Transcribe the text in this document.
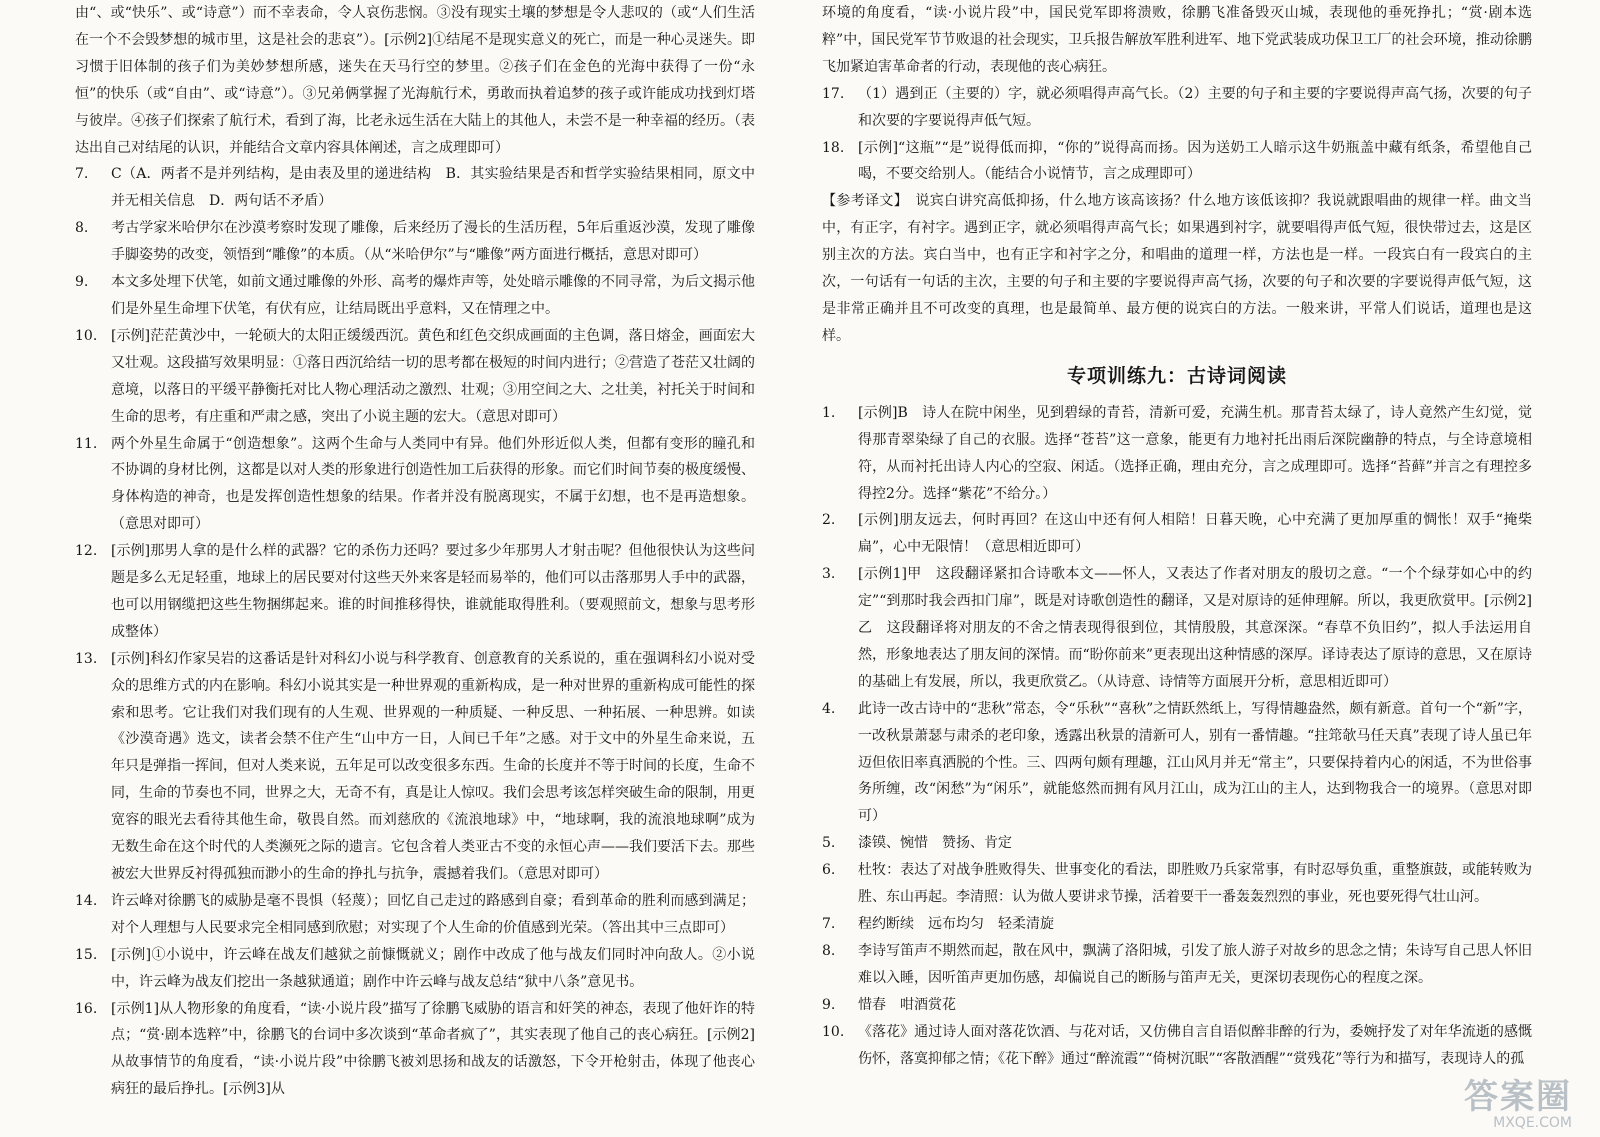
由“、或“快乐”、或“诗意”）而不幸表命，令人哀伤悲悯。③没有现实土壤的梦想是令人悲叹的（或“人们生活在一个不会毁梦想的城市里，这是社会的悲哀”）。[示例2]①结尾不是现实意义的死亡，而是一种心灵迷失。即习惯于旧体制的孩子们为美妙梦想所感，迷失在天马行空的梦里。②孩子们在金色的光海中获得了一份“永恒”的快乐（或“自由”、或“诗意”）。③兄弟俩掌握了光海航行术，勇敢而执着追梦的孩子或许能成功找到灯塔与彼岸。④孩子们探索了航行术，看到了海，比老永远生活在大陆上的其他人，未尝不是一种幸福的经历。（表达出自己对结尾的认识，并能结合文章内容具体阐述，言之成理即可）
7.	C（A．两者不是并列结构，是由表及里的递进结构　B．其实验结果是否和哲学实验结果相同，原文中并无相关信息　D．两句话不矛盾）
8.	考古学家米哈伊尔在沙漠考察时发现了雕像，后来经历了漫长的生活历程，5年后重返沙漠，发现了雕像手脚姿势的改变，领悟到“雕像”的本质。（从“米哈伊尔”与“雕像”两方面进行概括，意思对即可）
9.	本文多处埋下伏笔，如前文通过雕像的外形、高考的爆炸声等，处处暗示雕像的不同寻常，为后文揭示他们是外星生命埋下伏笔，有伏有应，让结局既出乎意料，又在情理之中。
10. [示例]茫茫黄沙中，一轮硕大的太阳正缓缓西沉。黄色和红色交织成画面的主色调，落日熔金，画面宏大又壮观。这段描写效果明显：①落日西沉给结一切的思考都在极短的时间内进行；②营造了苍茫又壮阔的意境，以落日的平缓平静衡托对比人物心理活动之激烈、壮观；③用空间之大、之壮美，衬托关于时间和生命的思考，有庄重和严肃之感，突出了小说主题的宏大。（意思对即可）
11. 两个外星生命属于“创造想象”。这两个生命与人类同中有异。他们外形近似人类，但都有变形的瞳孔和不协调的身材比例，这都是以对人类的形象进行创造性加工后获得的形象。而它们时间节奏的极度缓慢、身体构造的神奇，也是发挥创造性想象的结果。作者并没有脱离现实，不属于幻想，也不是再造想象。（意思对即可）
12. [示例]那男人拿的是什么样的武器？它的杀伤力还吗？要过多少年那男人才射击呢？但他很快认为这些问题是多么无足轻重，地球上的居民要对付这些天外来客是轻而易举的，他们可以击落那男人手中的武器，也可以用钢缆把这些生物捆绑起来。谁的时间推移得快，谁就能取得胜利。（要观照前文，想象与思考形成整体）
13. [示例]科幻作家吴岩的这番话是针对科幻小说与科学教育、创意教育的关系说的，重在强调科幻小说对受众的思维方式的内在影响。科幻小说其实是一种世界观的重新构成，是一种对世界的重新构成可能性的探索和思考。它让我们对我们现有的人生观、世界观的一种质疑、一种反思、一种拓展、一种思辨。如读《沙漠奇遇》选文，读者会禁不住产生“山中方一日，人间已千年”之感。对于文中的外星生命来说，五年只是弹指一挥间，但对人类来说，五年足可以改变很多东西。生命的长度并不等于时间的长度，生命不同，生命的节奏也不同，世界之大，无奇不有，真是让人惊叹。我们会思考该怎样突破生命的限制，用更宽容的眼光去看待其他生命，敬畏自然。而刘慈欣的《流浪地球》中，“地球啊，我的流浪地球啊”成为无数生命在这个时代的人类濒死之际的遗言。它包含着人类亚古不变的永恒心声——我们要活下去。那些被宏大世界反衬得孤独而渺小的生命的挣扎与抗争，震撼着我们。（意思对即可）
14. 许云峰对徐鹏飞的威胁是毫不畏惧（轻蔑）；回忆自己走过的路感到自豪；看到革命的胜利而感到满足；对个人理想与人民要求完全相同感到欣慰；对实现了个人生命的价值感到光荣。（答出其中三点即可）
15. [示例]①小说中，许云峰在战友们越狱之前慷慨就义；剧作中改成了他与战友们同时冲向敌人。②小说中，许云峰为战友们挖出一条越狱通道；剧作中许云峰与战友总结“狱中八条”意见书。
16. [示例1]从人物形象的角度看，“读·小说片段”描写了徐鹏飞威胁的语言和奸笑的神态，表现了他奸诈的特点；“赏·剧本选粹”中，徐鹏飞的台词中多次谈到“革命者疯了”，其实表现了他自己的丧心病狂。[示例2]从故事情节的角度看，“读·小说片段”中徐鹏飞被刘思扬和战友的话激怒，下令开枪射击，体现了他丧心病狂的最后挣扎。[示例3]从
环境的角度看，“读·小说片段”中，国民党军即将溃败，徐鹏飞准备毁灭山城，表现他的垂死挣扎；“赏·剧本选粹”中，国民党军节节败退的社会现实，卫兵报告解放军胜利进军、地下党武装成功保卫工厂的社会环境，推动徐鹏飞加紧迫害革命者的行动，表现他的丧心病狂。
17. （1）遇到正（主要的）字，就必须唱得声高气长。（2）主要的句子和主要的字要说得声高气扬，次要的句子和次要的字要说得声低气短。
18. [示例]“这瓶”“是”说得低而抑，“你的”说得高而扬。因为送奶工人暗示这牛奶瓶盖中藏有纸条，希望他自己喝，不要交给别人。（能结合小说情节，言之成理即可）
【参考译文】　说宾白讲究高低抑扬，什么地方该高该扬？什么地方该低该抑？我说就跟唱曲的规律一样。曲文当中，有正字，有衬字。遇到正字，就必须唱得声高气长；如果遇到衬字，就要唱得声低气短，很快带过去，这是区别主次的方法。宾白当中，也有正字和衬字之分，和唱曲的道理一样，方法也是一样。一段宾白有一段宾白的主次，一句话有一句话的主次，主要的句子和主要的字要说得声高气扬，次要的句子和次要的字要说得声低气短，这是非常正确并且不可改变的真理，也是最简单、最方便的说宾白的方法。一般来讲，平常人们说话，道理也是这样。
专项训练九：古诗词阅读
1.	[示例]B　诗人在院中闲坐，见到碧绿的青苔，清新可爱，充满生机。那青苔太绿了，诗人竟然产生幻觉，觉得那青翠染绿了自己的衣服。选择“苍苔”这一意象，能更有力地衬托出雨后深院幽静的特点，与全诗意境相符，从而衬托出诗人内心的空寂、闲适。（选择正确，理由充分，言之成理即可。选择“苔藓”并言之有理控多得控2分。选择“紫花”不给分。）
2.	[示例]朋友远去，何时再回？在这山中还有何人相陪！日暮天晚，心中充满了更加厚重的惆怅！双手“掩柴扁”，心中无限情！（意思相近即可）
3.	[示例1]甲　这段翻译紧扣合诗歌本文——怀人，又表达了作者对朋友的殷切之意。“一个个绿芽如心中的约定”“到那时我会西扣门扉”，既是对诗歌创造性的翻译，又是对原诗的延伸理解。所以，我更欣赏甲。[示例2]乙　这段翻译将对朋友的不舍之情表现得很到位，其情殷殷，其意深深。“春草不负旧约”，拟人手法运用自然，形象地表达了朋友间的深情。而“盼你前来”更表现出这种情感的深厚。译诗表达了原诗的意思，又在原诗的基础上有发展，所以，我更欣赏乙。（从诗意、诗情等方面展开分析，意思相近即可）
4.	此诗一改古诗中的“悲秋”常态，令“乐秋”“喜秋”之情跃然纸上，写得情趣盎然，颇有新意。首句一个“新”字，一改秋景萧瑟与肃杀的老印象，透露出秋景的清新可人，别有一番情趣。“拄筇欹马任天真”表现了诗人虽已年迈但依旧率真洒脱的个性。三、四两句颇有理趣，江山风月并无“常主”，只要保持着内心的闲适，不为世俗事务所缠，改“闲愁”为“闲乐”，就能悠然而拥有风月江山，成为江山的主人，达到物我合一的境界。（意思对即可）
5.	漆镆、惋惜　赞扬、肯定
6.	杜牧：表达了对战争胜败得失、世事变化的看法，即胜败乃兵家常事，有时忍辱负重，重整旗鼓，或能转败为胜、东山再起。李清照：认为做人要讲求节操，活着要干一番轰轰烈烈的事业，死也要死得气壮山河。
7.	程约断续　远布均匀　轻柔清旋
8.	李诗写笛声不期然而起，散在风中，飘满了洛阳城，引发了旅人游子对故乡的思念之情；朱诗写自己思人怀旧难以入睡，因听笛声更加伤感，却偏说自己的断肠与笛声无关，更深切表现伤心的程度之深。
9.	惜春　咁酒赏花
10. 《落花》通过诗人面对落花饮酒、与花对话，又仿佛自言自语似醉非醉的行为，委婉抒发了对年华流逝的感慨伤怀，落寞抑郁之情；《花下醉》通过“醉流霞”“倚树沉眠”“客散酒醒”“赏残花”等行为和描写，表现诗人的孤
答案圈
MXQE.COM
